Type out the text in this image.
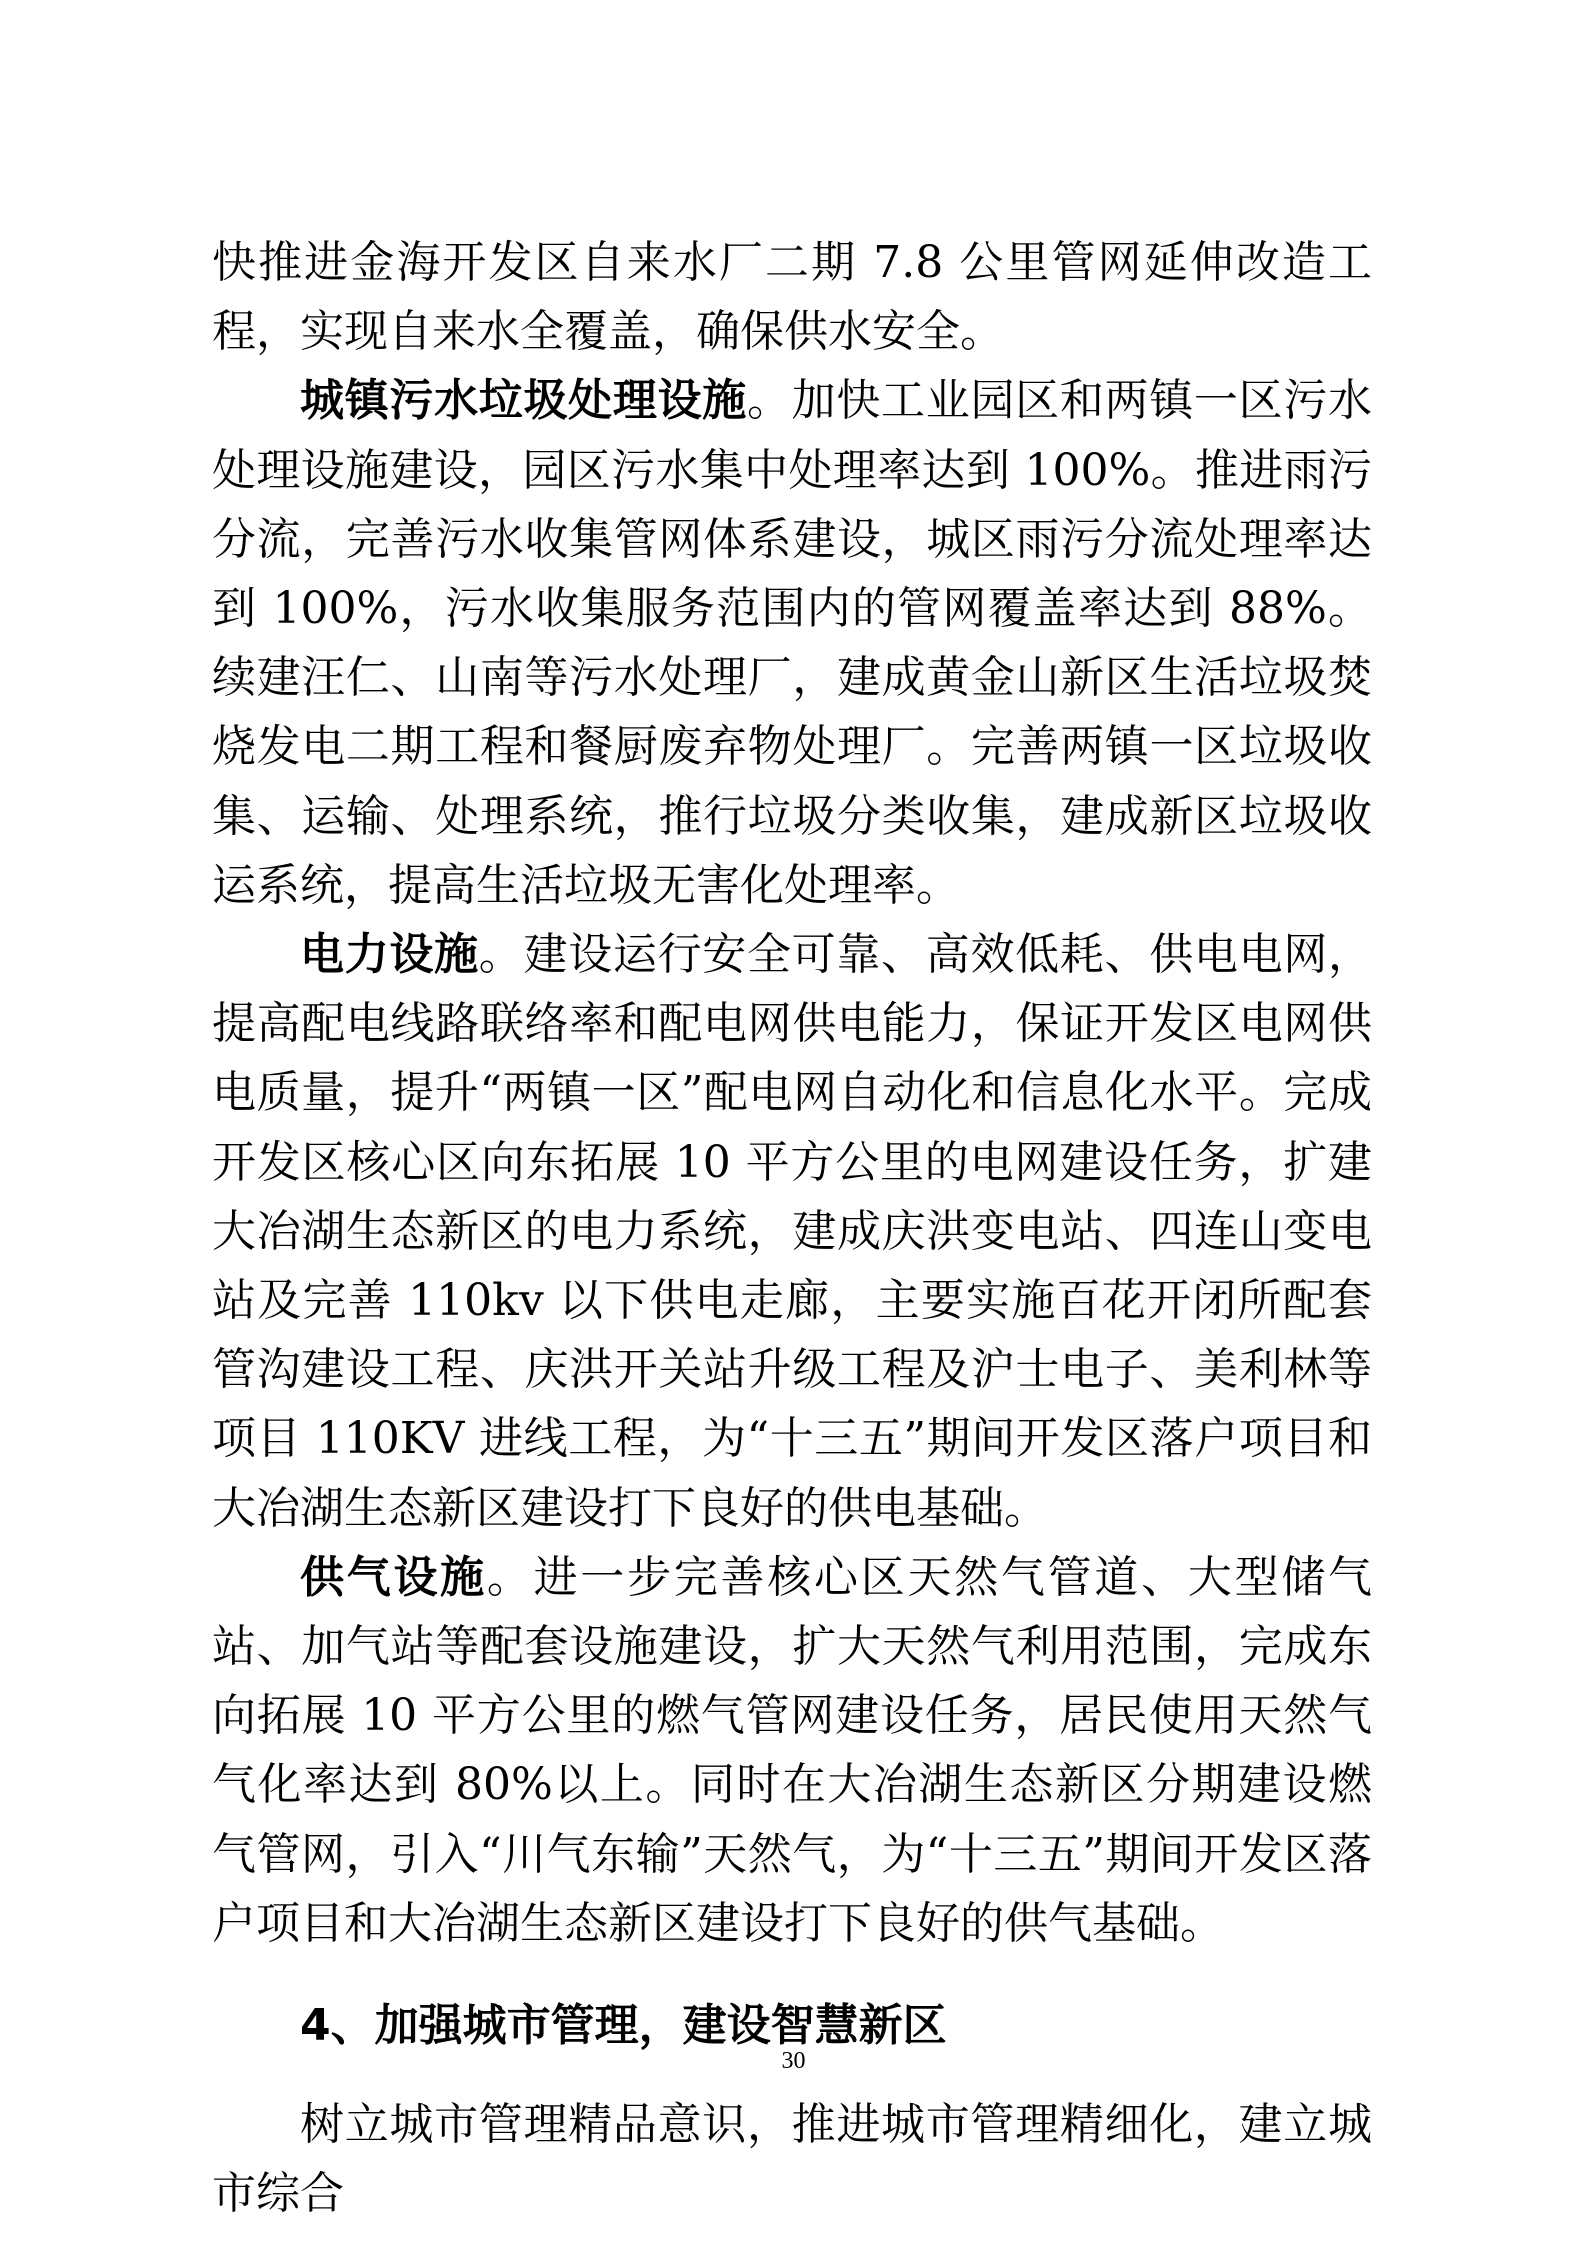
快推进金海开发区自来水厂二期 7.8 公里管网延伸改造工程，实现自来水全覆盖，确保供水安全。

城镇污水垃圾处理设施。加快工业园区和两镇一区污水处理设施建设，园区污水集中处理率达到 100%。推进雨污分流，完善污水收集管网体系建设，城区雨污分流处理率达到 100%，污水收集服务范围内的管网覆盖率达到 88%。续建汪仁、山南等污水处理厂，建成黄金山新区生活垃圾焚烧发电二期工程和餐厨废弃物处理厂。完善两镇一区垃圾收集、运输、处理系统，推行垃圾分类收集，建成新区垃圾收运系统，提高生活垃圾无害化处理率。

电力设施。建设运行安全可靠、高效低耗、供电电网，提高配电线路联络率和配电网供电能力，保证开发区电网供电质量，提升“两镇一区”配电网自动化和信息化水平。完成开发区核心区向东拓展 10 平方公里的电网建设任务，扩建大冶湖生态新区的电力系统，建成庆洪变电站、四连山变电站及完善 110kv 以下供电走廊，主要实施百花开闭所配套管沟建设工程、庆洪开关站升级工程及沪士电子、美利林等项目 110KV 进线工程，为“十三五”期间开发区落户项目和大冶湖生态新区建设打下良好的供电基础。

供气设施。进一步完善核心区天然气管道、大型储气站、加气站等配套设施建设，扩大天然气利用范围，完成东向拓展 10 平方公里的燃气管网建设任务，居民使用天然气气化率达到 80%以上。同时在大冶湖生态新区分期建设燃气管网，引入“川气东输”天然气，为“十三五”期间开发区落户项目和大冶湖生态新区建设打下良好的供气基础。

4、加强城市管理，建设智慧新区

树立城市管理精品意识，推进城市管理精细化，建立城市综合

30
